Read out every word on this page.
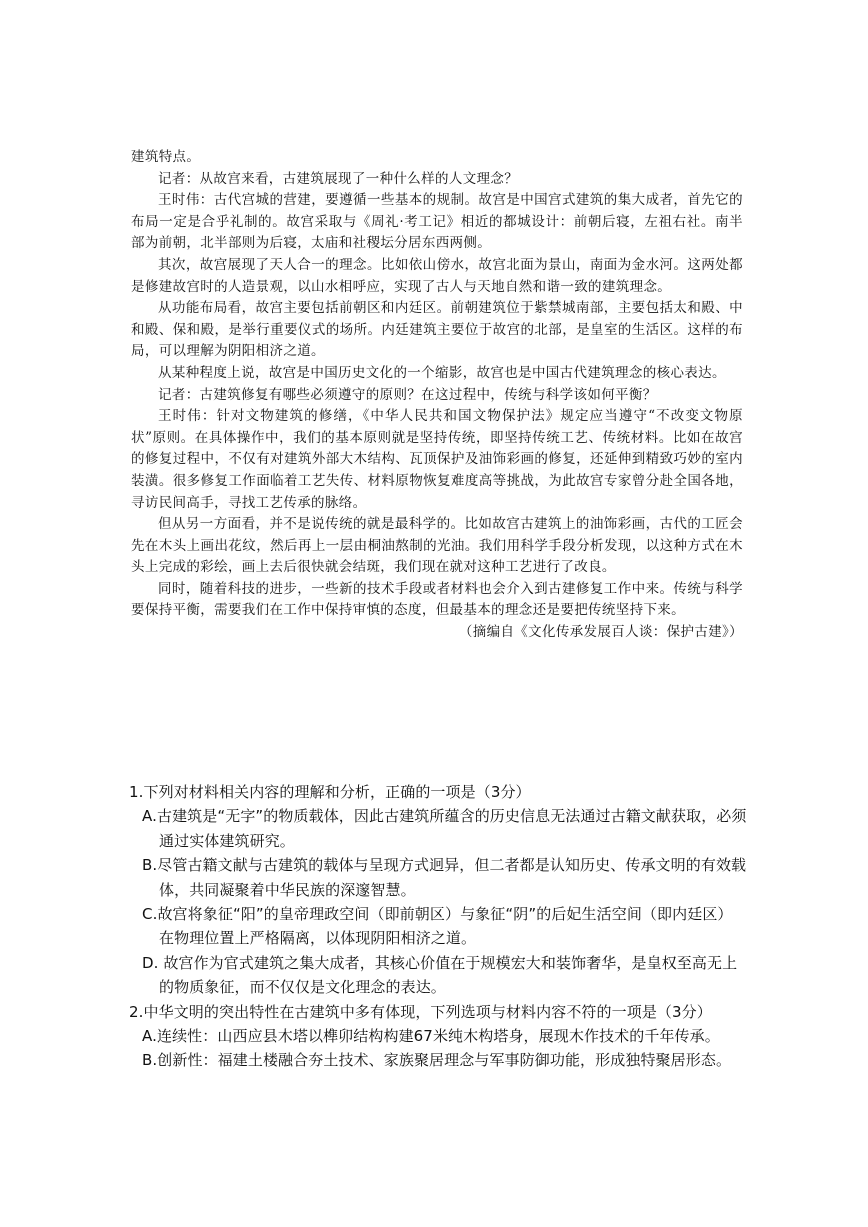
建筑特点。

记者：从故宫来看，古建筑展现了一种什么样的人文理念？

王时伟：古代宫城的营建，要遵循一些基本的规制。故宫是中国宫式建筑的集大成者，首先它的布局一定是合乎礼制的。故宫采取与《周礼·考工记》相近的都城设计：前朝后寝，左祖右社。南半部为前朝，北半部则为后寝，太庙和社稷坛分居东西两侧。

其次，故宫展现了天人合一的理念。比如依山傍水，故宫北面为景山，南面为金水河。这两处都是修建故宫时的人造景观，以山水相呼应，实现了古人与天地自然和谐一致的建筑理念。

从功能布局看，故宫主要包括前朝区和内廷区。前朝建筑位于紫禁城南部，主要包括太和殿、中和殿、保和殿，是举行重要仪式的场所。内廷建筑主要位于故宫的北部，是皇室的生活区。这样的布局，可以理解为阴阳相济之道。

从某种程度上说，故宫是中国历史文化的一个缩影，故宫也是中国古代建筑理念的核心表达。

记者：古建筑修复有哪些必须遵守的原则？在这过程中，传统与科学该如何平衡？

王时伟：针对文物建筑的修缮，《中华人民共和国文物保护法》规定应当遵守“不改变文物原状”原则。在具体操作中，我们的基本原则就是坚持传统，即坚持传统工艺、传统材料。比如在故宫的修复过程中，不仅有对建筑外部大木结构、瓦顶保护及油饰彩画的修复，还延伸到精致巧妙的室内装潢。很多修复工作面临着工艺失传、材料原物恢复难度高等挑战，为此故宫专家曾分赴全国各地，寻访民间高手，寻找工艺传承的脉络。

但从另一方面看，并不是说传统的就是最科学的。比如故宫古建筑上的油饰彩画，古代的工匠会先在木头上画出花纹，然后再上一层由桐油熬制的光油。我们用科学手段分析发现，以这种方式在木头上完成的彩绘，画上去后很快就会结斑，我们现在就对这种工艺进行了改良。

同时，随着科技的进步，一些新的技术手段或者材料也会介入到古建修复工作中来。传统与科学要保持平衡，需要我们在工作中保持审慎的态度，但最基本的理念还是要把传统坚持下来。

（摘编自《文化传承发展百人谈：保护古建》）

1.下列对材料相关内容的理解和分析，正确的一项是（3分）

A.古建筑是“无字”的物质载体，因此古建筑所蕴含的历史信息无法通过古籍文献获取，必须通过实体建筑研究。

B.尽管古籍文献与古建筑的载体与呈现方式迥异，但二者都是认知历史、传承文明的有效载体，共同凝聚着中华民族的深邃智慧。

C.故宫将象征“阳”的皇帝理政空间（即前朝区）与象征“阴”的后妃生活空间（即内廷区）在物理位置上严格隔离，以体现阴阳相济之道。

D. 故宫作为官式建筑之集大成者，其核心价值在于规模宏大和装饰奢华，是皇权至高无上的物质象征，而不仅仅是文化理念的表达。

2.中华文明的突出特性在古建筑中多有体现，下列选项与材料内容不符的一项是（3分）

A.连续性：山西应县木塔以榫卯结构构建67米纯木构塔身，展现木作技术的千年传承。

B.创新性：福建土楼融合夯土技术、家族聚居理念与军事防御功能，形成独特聚居形态。
